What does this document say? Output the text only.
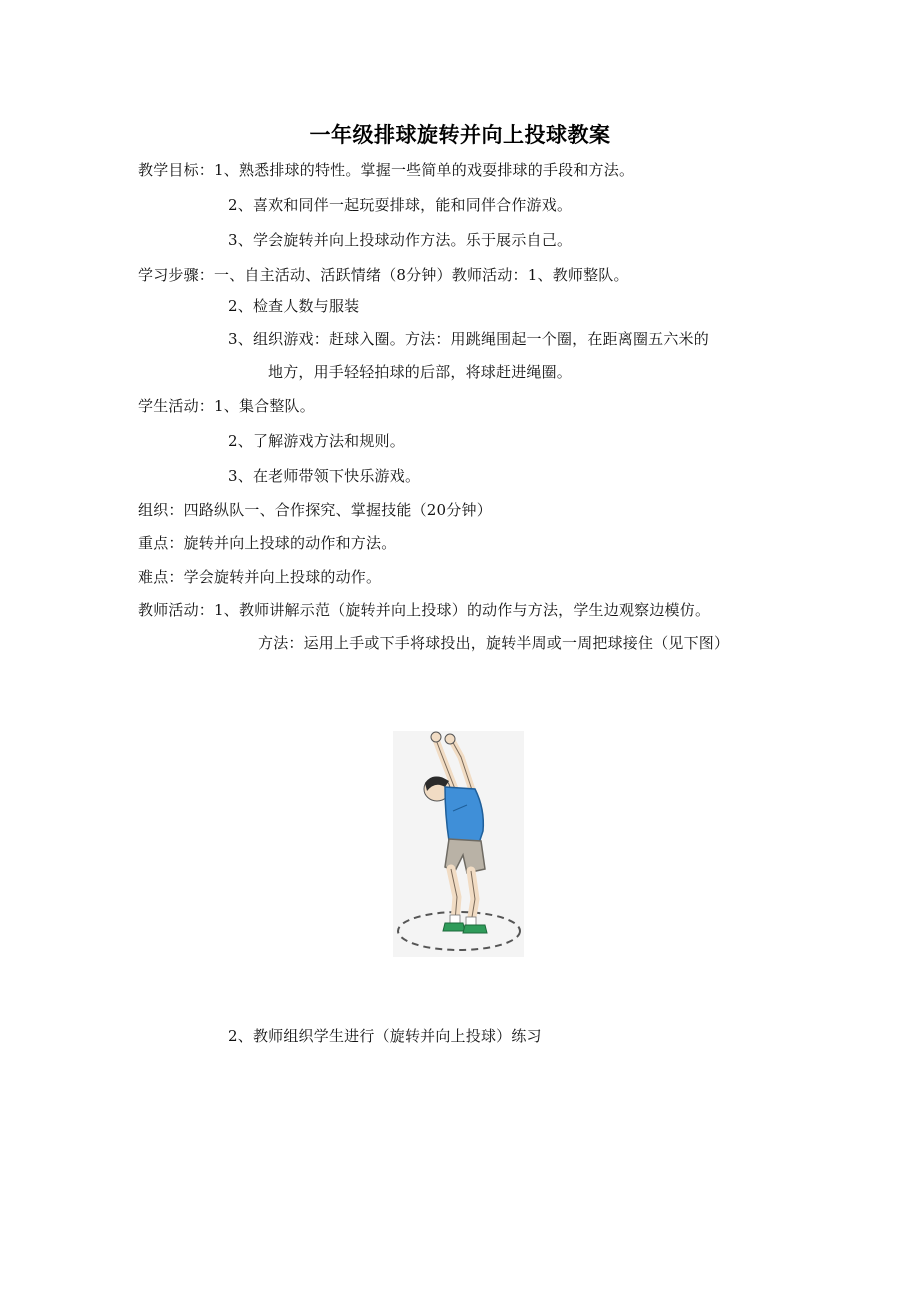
一年级排球旋转并向上投球教案
教学目标：1、熟悉排球的特性。掌握一些简单的戏耍排球的手段和方法。
2、喜欢和同伴一起玩耍排球，能和同伴合作游戏。
3、学会旋转并向上投球动作方法。乐于展示自己。
学习步骤：一、自主活动、活跃情绪（8分钟）教师活动：1、教师整队。
2、检查人数与服装
3、组织游戏：赶球入圈。方法：用跳绳围起一个圈，在距离圈五六米的
地方，用手轻轻拍球的后部，将球赶进绳圈。
学生活动：1、集合整队。
2、了解游戏方法和规则。
3、在老师带领下快乐游戏。
组织：四路纵队一、合作探究、掌握技能（20分钟）
重点：旋转并向上投球的动作和方法。
难点：学会旋转并向上投球的动作。
教师活动：1、教师讲解示范（旋转并向上投球）的动作与方法，学生边观察边模仿。
方法：运用上手或下手将球投出，旋转半周或一周把球接住（见下图）
2、教师组织学生进行（旋转并向上投球）练习
